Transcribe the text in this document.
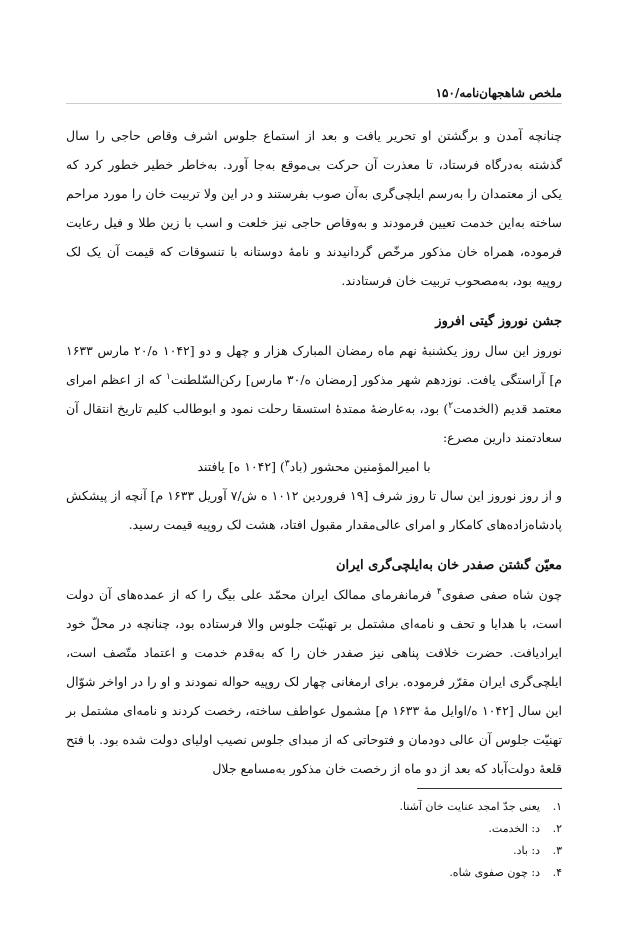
ملخص شاهجهان‌نامه/۱۵۰

چنانچه آمدن و برگشتن او تحریر یافت و بعد از استماع جلوس اشرف وقاص حاجی را سال گذشته به‌درگاه فرستاد، تا معذرت آن حرکت بی‌موقع به‌جا آورد. به‌خاطر خطیر خطور کرد که یکی از معتمدان را به‌رسم ایلچی‌گری به‌آن صوب بفرستند و در این ولا تربیت خان را مورد مراحم ساخته به‌این خدمت تعیین فرمودند و به‌وقاص حاجی نیز خلعت و اسب با زین طلا و فیل رعایت فرموده، همراه خان مذکور مرخّص گردانیدند و نامهٔ دوستانه با تنسوقات که قیمت آن یک لک روپیه بود، به‌مصحوب تربیت خان فرستادند.

جشن نوروز گیتی افروز

نوروز این سال روز یکشنبهٔ نهم ماه رمضان المبارک هزار و چهل و دو [۱۰۴۲ ه/۲۰ مارس ۱۶۳۳ م] آراستگی یافت. نوزدهم شهر مذکور [رمضان ه/۳۰ مارس] رکن‌السّلطنت$^۱$ که از اعظم امرای معتمد قدیم (الخدمت$^۲$) بود، به‌عارضهٔ ممتدهٔ استسقا رحلت نمود و ابوطالب کلیم تاریخ انتقال آن سعادتمند دارین مصرع:

با امیرالمؤمنین محشور (باد$^۳$) [۱۰۴۲ ه] یافتند

و از روز نوروز این سال تا روز شرف [۱۹ فروردین ۱۰۱۲ ه ش/۷ آوریل ۱۶۳۳ م] آنچه از پیشکش پادشاه‌زاده‌های کامکار و امرای عالی‌مقدار مقبول افتاد، هشت لک روپیه قیمت رسید.

معیّن گشتن صفدر خان به‌ایلچی‌گری ایران

چون شاه صفی صفوی$^۴$ فرمانفرمای ممالک ایران محمّد علی بیگ را که از عمده‌های آن دولت است، با هدایا و تحف و نامه‌ای مشتمل بر تهنیّت جلوس والا فرستاده بود، چنانچه در محلّ خود ایرادیافت. حضرت خلافت پناهی نیز صفدر خان را که به‌قدم خدمت و اعتماد متّصف است، ایلچی‌گری ایران مقرّر فرموده. برای ارمغانی چهار لک روپیه حواله نمودند و او را در اواخر شوّال این سال [۱۰۴۲ ه/اوایل مهٔ ۱۶۳۳ م] مشمول عواطف ساخته، رخصت کردند و نامه‌ای مشتمل بر تهنیّت جلوس آن عالی دودمان و فتوحاتی که از مبدای جلوس نصیب اولیای دولت شده بود. با فتح قلعهٔ دولت‌آباد که بعد از دو ماه از رخصت خان مذکور به‌مسامع جلال

۱.یعنی جدّ امجد عنایت خان آشنا.

۲.د: الخدمت.

۳.د: باد.

۴.د: چون صفوی شاه.
